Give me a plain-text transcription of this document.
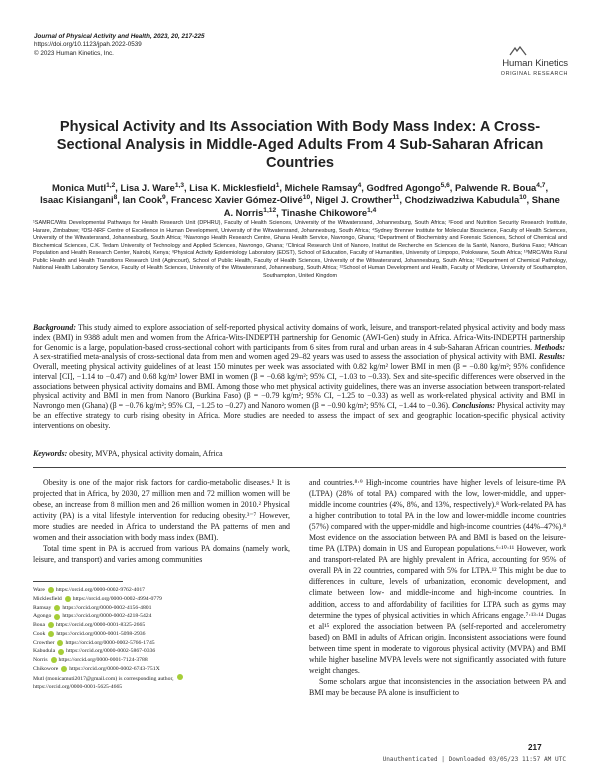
Journal of Physical Activity and Health, 2023, 20, 217-225
https://doi.org/10.1123/jpah.2022-0539
© 2023 Human Kinetics, Inc.
Human Kinetics
ORIGINAL RESEARCH
Physical Activity and Its Association With Body Mass Index: A Cross-Sectional Analysis in Middle-Aged Adults From 4 Sub-Saharan African Countries
Monica Mutl$^{1,2}$, Lisa J. Ware$^{1,3}$, Lisa K. Micklesfield$^1$, Michele Ramsay$^4$, Godfred Agongo$^{5,6}$, Palwende R. Boua$^{4,7}$, Isaac Kisiangani$^8$, Ian Cook$^9$, Francesc Xavier Gómez-Olivé$^{10}$, Nigel J. Crowther$^{11}$, Chodziwadziwa Kabudula$^{10}$, Shane A. Norris$^{1,12}$, Tinashe Chikowore$^{1,4}$
¹SAMRC/Wits Developmental Pathways for Health Research Unit (DPHRU), Faculty of Health Sciences, University of the Witwatersrand, Johannesburg, South Africa; ²Food and Nutrition Security Research Institute, Harare, Zimbabwe; ³DSI-NRF Centre of Excellence in Human Development, University of the Witwatersrand, Johannesburg, South Africa; ⁴Sydney Brenner Institute for Molecular Bioscience, Faculty of Health Sciences, University of the Witwatersrand, Johannesburg, South Africa; ⁵Navrongo Health Research Centre, Ghana Health Service, Navrongo, Ghana; ⁶Department of Biochemistry and Forensic Sciences, School of Chemical and Biochemical Sciences, C.K. Tedam University of Technology and Applied Sciences, Navrongo, Ghana; ⁷Clinical Research Unit of Nanoro, Institut de Recherche en Sciences de la Santé, Nanoro, Burkina Faso; ⁸African Population and Health Research Center, Nairobi, Kenya; ⁹Physical Activity Epidemiology Laboratory (EDST), School of Education, Faculty of Humanities, University of Limpopo, Polokwane, South Africa; ¹⁰MRC/Wits Rural Public Health and Health Transitions Research Unit (Agincourt), School of Public Health, Faculty of Health Sciences, University of the Witwatersrand, Johannesburg, South Africa; ¹¹Department of Chemical Pathology, National Health Laboratory Service, Faculty of Health Sciences, University of the Witwatersrand, Johannesburg, South Africa; ¹²School of Human Development and Health, Faculty of Medicine, University of Southampton, Southampton, United Kingdom
Background: This study aimed to explore association of self-reported physical activity domains of work, leisure, and transport-related physical activity and body mass index (BMI) in 9388 adult men and women from the Africa-Wits-INDEPTH partnership for Genomic (AWI-Gen) study in Africa. Africa-Wits-INDEPTH partnership for Genomic is a large, population-based cross-sectional cohort with participants from 6 sites from rural and urban areas in 4 sub-Saharan African countries. Methods: A sex-stratified meta-analysis of cross-sectional data from men and women aged 29–82 years was used to assess the association of physical activity with BMI. Results: Overall, meeting physical activity guidelines of at least 150 minutes per week was associated with 0.82 kg/m² lower BMI in men (β = −0.80 kg/m²; 95% confidence interval [CI], −1.14 to −0.47) and 0.68 kg/m² lower BMI in women (β = −0.68 kg/m²; 95% CI, −1.03 to −0.33). Sex and site-specific differences were observed in the associations between physical activity domains and BMI. Among those who met physical activity guidelines, there was an inverse association between transport-related physical activity and BMI in men from Nanoro (Burkina Faso) (β = −0.79 kg/m²; 95% CI, −1.25 to −0.33) as well as work-related physical activity and BMI in Navrongo men (Ghana) (β = −0.76 kg/m²; 95% CI, −1.25 to −0.27) and Nanoro women (β = −0.90 kg/m²; 95% CI, −1.44 to −0.36). Conclusions: Physical activity may be an effective strategy to curb rising obesity in Africa. More studies are needed to assess the impact of sex and geographic location-specific physical activity interventions on obesity.
Keywords: obesity, MVPA, physical activity domain, Africa

Obesity is one of the major risk factors for cardio-metabolic diseases.¹ It is projected that in Africa, by 2030, 27 million men and 72 million women will be obese, an increase from 8 million men and 26 million women in 2010.² Physical activity (PA) is a vital lifestyle intervention for reducing obesity.³⁻⁷ However, more studies are needed in Africa to understand the PA patterns of men and women and their association with body mass index (BMI).

Total time spent in PA is accrued from various PA domains (namely work, leisure, and transport) and varies among communities

and countries.⁸·⁹ High-income countries have higher levels of leisure-time PA (LTPA) (28% of total PA) compared with the low, lower-middle, and upper-middle income countries (4%, 8%, and 13%, respectively).⁸ Work-related PA has a higher contribution to total PA in the low and lower-middle income countries (57%) compared with the upper-middle and high-income countries (44%–47%).⁸ Most evidence on the association between PA and BMI is based on the leisure-time PA (LTPA) domain in US and European populations.⁶·¹⁰·¹¹ However, work and transport-related PA are highly prevalent in Africa, accounting for 95% of overall PA in 22 countries, compared with 5% for LTPA.¹² This might be due to differences in culture, levels of urbanization, economic development, and climate between low- and middle-income and high-income countries. In addition, access to and affordability of facilities for LTPA such as gyms may determine the types of physical activities in which Africans engage.⁷·¹³·¹⁴ Dugas et al¹⁵ explored the association between PA (self-reported and accelerometry based) on BMI in adults of African origin. Inconsistent associations were found between time spent in moderate to vigorous physical activity (MVPA) and BMI while higher baseline MVPA levels were not significantly associated with future weight changes.

Some scholars argue that inconsistencies in the association between PA and BMI may be because PA alone is insufficient to

Ware https://orcid.org/0000-0002-9762-4017
Micklesfield https://orcid.org/0000-0002-4994-0779
Ramsay https://orcid.org/0000-0002-4156-4801
Agongo https://orcid.org/0000-0002-4218-5424
Boua https://orcid.org/0000-0001-8325-2665
Cook https://orcid.org/0000-0001-5098-2936
Crowther https://orcid.org/0000-0002-5766-1745
Kabudula https://orcid.org/0000-0002-5867-0336
Norris https://orcid.org/0000-0001-7124-3788
Chikowore https://orcid.org/0000-0002-6743-751X
Mutl (monicamuti2017@gmail.com) is corresponding author,
https://orcid.org/0000-0001-5625-4665
217
Unauthenticated | Downloaded 03/05/23 11:57 AM UTC
